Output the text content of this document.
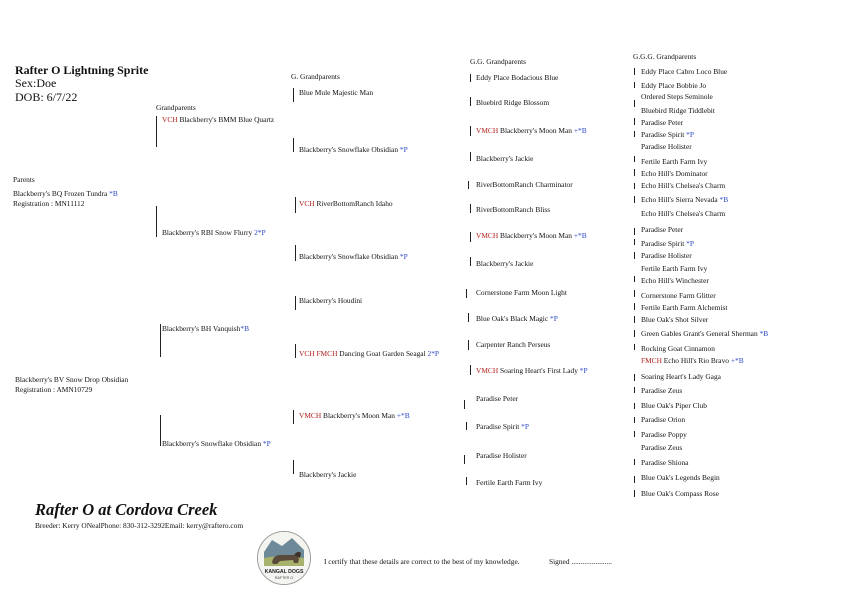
Rafter O Lightning Sprite
Sex:Doe
DOB: 6/7/22
Parents
Grandparents
G. Grandparents
G.G. Grandparents
G.G.G. Grandparents
Blackberry's BQ Frozen Tundra *B
Registration : MN11112
Blackberry's BV Snow Drop Obsidian
Registration : AMN10729
VCH Blackberry's BMM Blue Quartz
Blackberry's RBI Snow Flurry 2*P
Blackberry's BH Vanquish*B
Blackberry's Snowflake Obsidian *P
Blue Mule Majestic Man
Blackberry's Snowflake Obsidian *P
VCH RiverBottomRanch Idaho
Blackberry's Snowflake Obsidian *P
Blackberry's Houdini
VCH FMCH Dancing Goat Garden Seagal 2*P
VMCH Blackberry's Moon Man +*B
Blackberry's Jackie
Eddy Place Bodacious Blue
Bluebird Ridge Blossom
VMCH Blackberry's Moon Man +*B
Blackberry's Jackie
RiverBottomRanch Charminator
RiverBottomRanch Bliss
VMCH Blackberry's Moon Man +*B
Blackberry's Jackie
Cornerstone Farm Moon Light
Blue Oak's Black Magic *P
Carpenter Ranch Perseus
VMCH Soaring Heart's First Lady *P
Paradise Peter
Paradise Spirit *P
Paradise Holister
Fertile Earth Farm Ivy
Eddy Place Cabro Loco Blue
Eddy Place Bobbie Jo
Ordered Steps Seminole
Bluebird Ridge Tiddlebit
Paradise Peter
Paradise Spirit *P
Paradise Holister
Fertile Earth Farm Ivy
Echo Hill's Dominator
Echo Hill's Chelsea's Charm
Echo Hill's Sierra Nevada *B
Echo Hill's Chelsea's Charm
Paradise Peter
Paradise Spirit *P
Paradise Holister
Fertile Earth Farm Ivy
Echo Hill's Winchester
Cornerstone Farm Glitter
Fertile Earth Farm Alchemist
Blue Oak's Shot Silver
Green Gables Grant's General Sherman *B
Rocking Goat Cinnamon
FMCH Echo Hill's Rio Bravo +*B
Soaring Heart's Lady Gaga
Paradise Zeus
Blue Oak's Piper Club
Paradise Orion
Paradise Poppy
Paradise Zeus
Paradise Shiona
Blue Oak's Legends Begin
Blue Oak's Compass Rose
Rafter O at Cordova Creek
Breeder: Kerry ONealPhone: 830-312-3292Email: kerry@raftero.com
KANGAL DOGS
RAFTER O
I certify that these details are correct to the best of my knowledge.	Signed ......................
